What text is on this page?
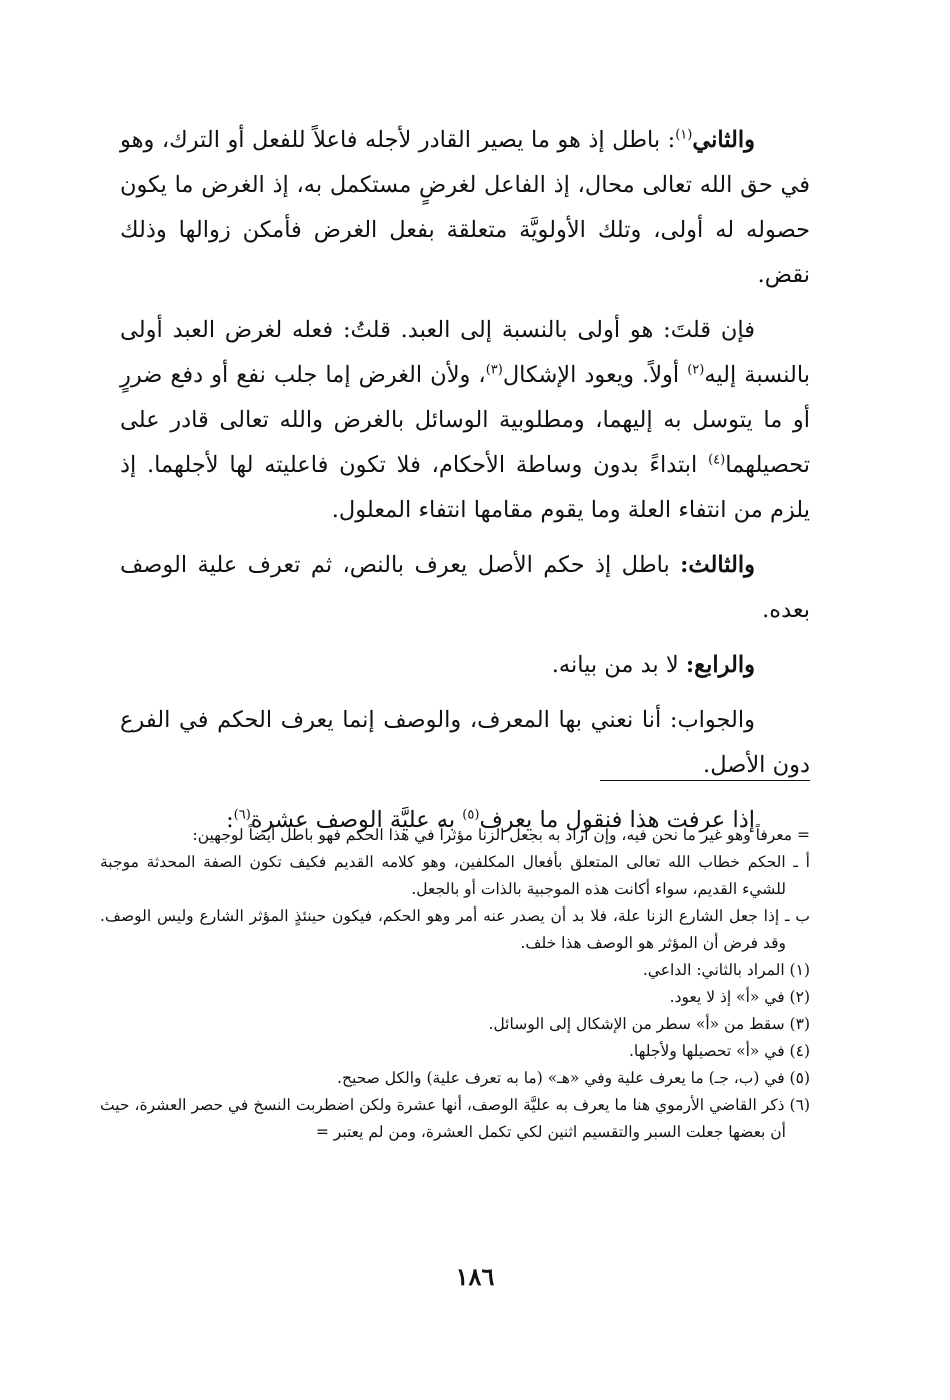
والثاني$^{(١)}$: باطل إذ هو ما يصير القادر لأجله فاعلاً للفعل أو الترك، وهو في حق الله تعالى محال، إذ الفاعل لغرضٍ مستكمل به، إذ الغرض ما يكون حصوله له أولى، وتلك الأولويَّة متعلقة بفعل الغرض فأمكن زوالها وذلك نقض.

فإن قلتَ: هو أولى بالنسبة إلى العبد. قلتُ: فعله لغرض العبد أولى بالنسبة إليه$^{(٢)}$ أولاً. ويعود الإشكال$^{(٣)}$، ولأن الغرض إما جلب نفع أو دفع ضررٍ أو ما يتوسل به إليهما، ومطلوبية الوسائل بالغرض والله تعالى قادر على تحصيلهما$^{(٤)}$ ابتداءً بدون وساطة الأحكام، فلا تكون فاعليته لها لأجلهما. إذ يلزم من انتفاء العلة وما يقوم مقامها انتفاء المعلول.

والثالث: باطل إذ حكم الأصل يعرف بالنص، ثم تعرف علية الوصف بعده.

والرابع: لا بد من بيانه.

والجواب: أنا نعني بها المعرف، والوصف إنما يعرف الحكم في الفرع دون الأصل.

إذا عرفت هذا فنقول ما يعرف$^{(٥)}$ به عليَّة الوصف عشرة$^{(٦)}$:

= معرفاً وهو غير ما نحن فيه، وإن أراد به بجعل الزنا مؤثراً في هذا الحكم فهو باطل أيضاً لوجهين:

أ ـ الحكم خطاب الله تعالى المتعلق بأفعال المكلفين، وهو كلامه القديم فكيف تكون الصفة المحدثة موجبة للشيء القديم، سواء أكانت هذه الموجبية بالذات أو بالجعل.

ب ـ إذا جعل الشارع الزنا علة، فلا بد أن يصدر عنه أمر وهو الحكم، فيكون حينئذٍ المؤثر الشارع وليس الوصف. وقد فرض أن المؤثر هو الوصف هذا خلف.

(١) المراد بالثاني: الداعي.

(٢) في «أ» إذ لا يعود.

(٣) سقط من «أ» سطر من الإشكال إلى الوسائل.

(٤) في «أ» تحصيلها ولأجلها.

(٥) في (ب، جـ) ما يعرف علية وفي «هـ» (ما به تعرف علية) والكل صحيح.

(٦) ذكر القاضي الأرموي هنا ما يعرف به عليَّة الوصف، أنها عشرة ولكن اضطربت النسخ في حصر العشرة، حيث أن بعضها جعلت السبر والتقسيم اثنين لكي تكمل العشرة، ومن لم يعتبر =

١٨٦
